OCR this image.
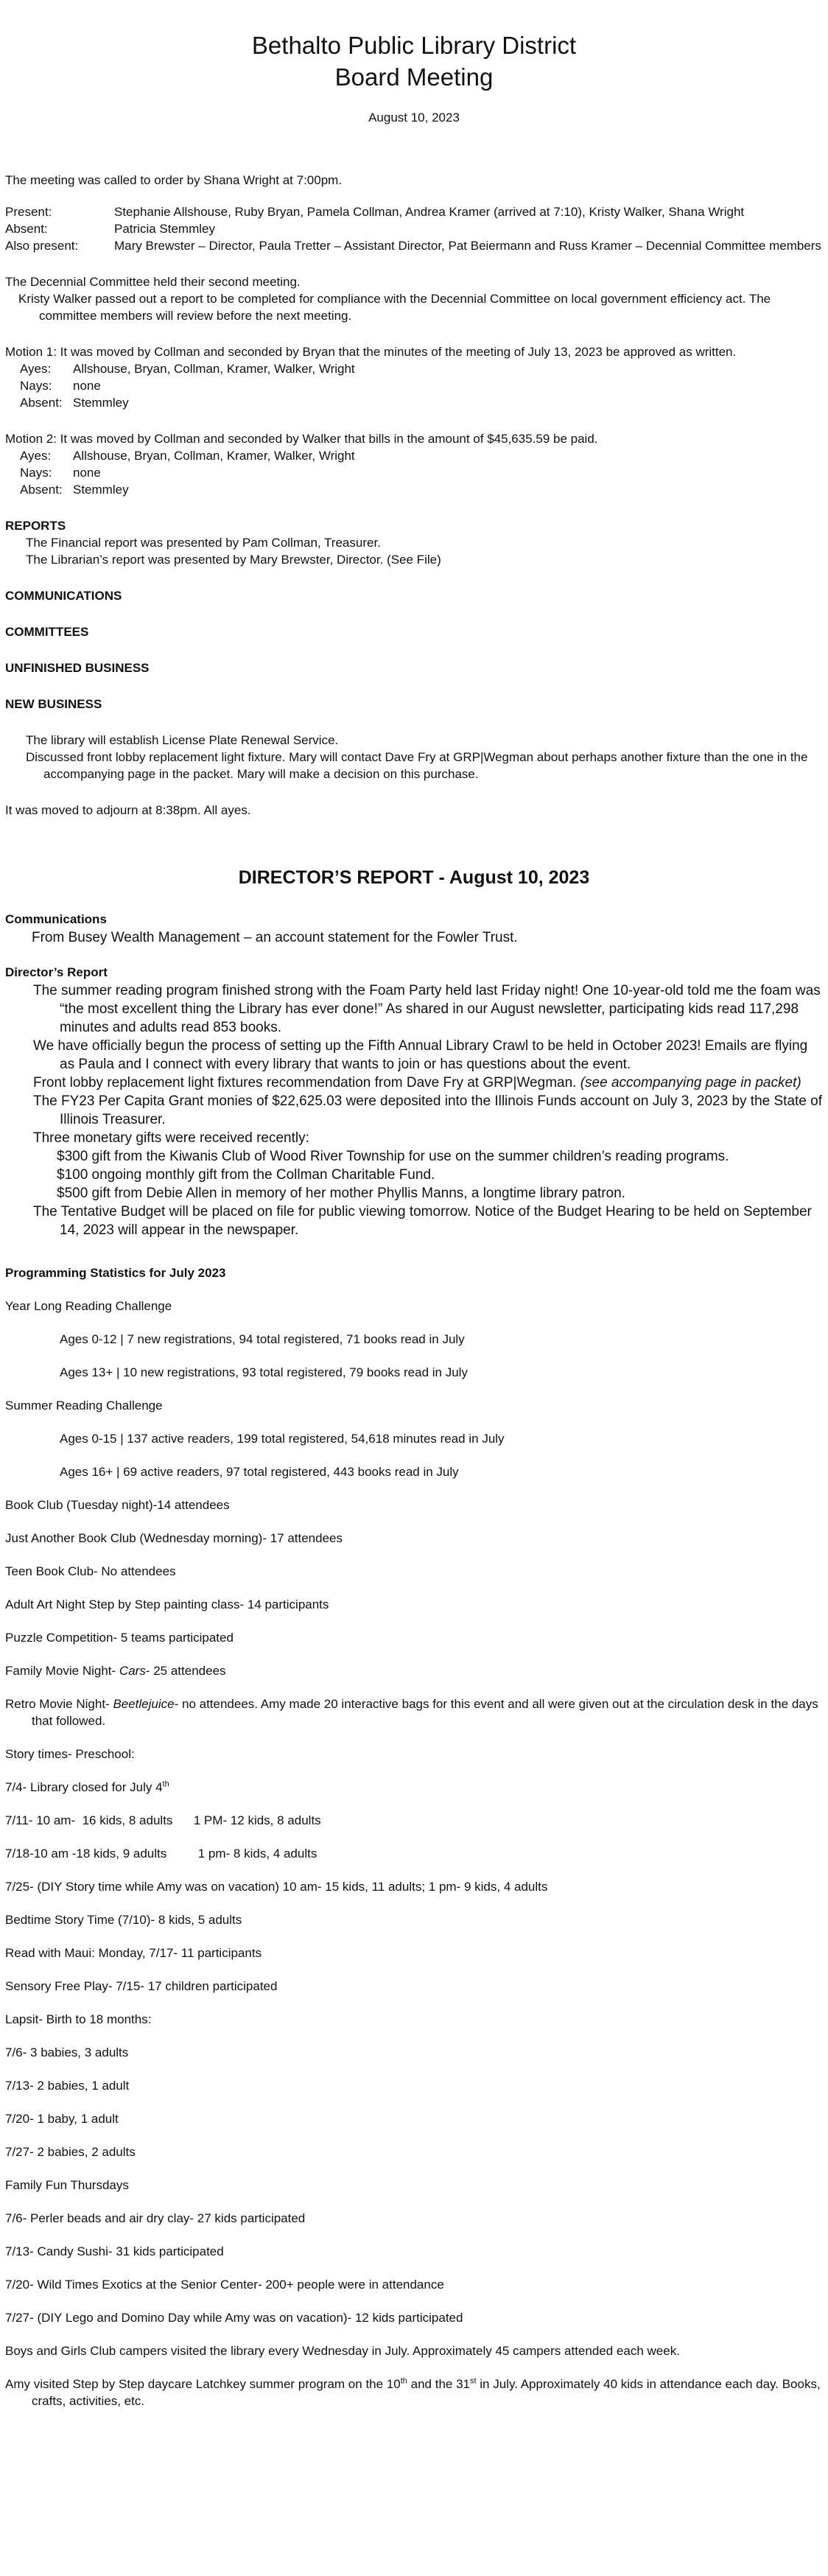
Bethalto Public Library District
Board Meeting
August 10, 2023

The meeting was called to order by Shana Wright at 7:00pm.

Present:	Stephanie Allshouse, Ruby Bryan, Pamela Collman, Andrea Kramer (arrived at 7:10), Kristy Walker, Shana Wright
Absent:	Patricia Stemmley
Also present:	Mary Brewster – Director, Paula Tretter – Assistant Director, Pat Beiermann and Russ Kramer – Decennial Committee members

The Decennial Committee held their second meeting.

Kristy Walker passed out a report to be completed for compliance with the Decennial Committee on local government efficiency act. The committee members will review before the next meeting.

Motion 1: It was moved by Collman and seconded by Bryan that the minutes of the meeting of July 13, 2023 be approved as written.

Ayes:	Allshouse, Bryan, Collman, Kramer, Walker, Wright
Nays:	none
Absent: Stemmley

Motion 2: It was moved by Collman and seconded by Walker that bills in the amount of $45,635.59 be paid.

Ayes:	Allshouse, Bryan, Collman, Kramer, Walker, Wright
Nays:	none
Absent: Stemmley

REPORTS

The Financial report was presented by Pam Collman, Treasurer.

The Librarian’s report was presented by Mary Brewster, Director. (See File)

COMMUNICATIONS

COMMITTEES

UNFINISHED BUSINESS

NEW BUSINESS

The library will establish License Plate Renewal Service.

Discussed front lobby replacement light fixture. Mary will contact Dave Fry at GRP|Wegman about perhaps another fixture than the one in the accompanying page in the packet. Mary will make a decision on this purchase.

It was moved to adjourn at 8:38pm. All ayes.

DIRECTOR’S REPORT - August 10, 2023

Communications

From Busey Wealth Management – an account statement for the Fowler Trust.

Director’s Report

The summer reading program finished strong with the Foam Party held last Friday night! One 10-year-old told me the foam was “the most excellent thing the Library has ever done!” As shared in our August newsletter, participating kids read 117,298 minutes and adults read 853 books.

We have officially begun the process of setting up the Fifth Annual Library Crawl to be held in October 2023! Emails are flying as Paula and I connect with every library that wants to join or has questions about the event.

Front lobby replacement light fixtures recommendation from Dave Fry at GRP|Wegman. (see accompanying page in packet)

The FY23 Per Capita Grant monies of $22,625.03 were deposited into the Illinois Funds account on July 3, 2023 by the State of Illinois Treasurer.

Three monetary gifts were received recently:

$300 gift from the Kiwanis Club of Wood River Township for use on the summer children’s reading programs.

$100 ongoing monthly gift from the Collman Charitable Fund.

$500 gift from Debie Allen in memory of her mother Phyllis Manns, a longtime library patron.

The Tentative Budget will be placed on file for public viewing tomorrow. Notice of the Budget Hearing to be held on September 14, 2023 will appear in the newspaper.

Programming Statistics for July 2023

Year Long Reading Challenge

Ages 0-12 | 7 new registrations, 94 total registered, 71 books read in July

Ages 13+ | 10 new registrations, 93 total registered, 79 books read in July

Summer Reading Challenge

Ages 0-15 | 137 active readers, 199 total registered, 54,618 minutes read in July

Ages 16+ | 69 active readers, 97 total registered, 443 books read in July

Book Club (Tuesday night)-14 attendees

Just Another Book Club (Wednesday morning)- 17 attendees

Teen Book Club- No attendees

Adult Art Night Step by Step painting class- 14 participants

Puzzle Competition- 5 teams participated

Family Movie Night- Cars- 25 attendees

Retro Movie Night- Beetlejuice- no attendees. Amy made 20 interactive bags for this event and all were given out at the circulation desk in the days that followed.

Story times- Preschool:

7/4- Library closed for July 4th

7/11- 10 am-  16 kids, 8 adults      1 PM- 12 kids, 8 adults

7/18-10 am -18 kids, 9 adults         1 pm- 8 kids, 4 adults

7/25- (DIY Story time while Amy was on vacation) 10 am- 15 kids, 11 adults; 1 pm- 9 kids, 4 adults

Bedtime Story Time (7/10)- 8 kids, 5 adults

Read with Maui: Monday, 7/17- 11 participants

Sensory Free Play- 7/15- 17 children participated

Lapsit- Birth to 18 months:

7/6- 3 babies, 3 adults

7/13- 2 babies, 1 adult

7/20- 1 baby, 1 adult

7/27- 2 babies, 2 adults

Family Fun Thursdays

7/6- Perler beads and air dry clay- 27 kids participated

7/13- Candy Sushi- 31 kids participated

7/20- Wild Times Exotics at the Senior Center- 200+ people were in attendance

7/27- (DIY Lego and Domino Day while Amy was on vacation)- 12 kids participated

Boys and Girls Club campers visited the library every Wednesday in July. Approximately 45 campers attended each week.

Amy visited Step by Step daycare Latchkey summer program on the 10th and the 31st in July. Approximately 40 kids in attendance each day. Books, crafts, activities, etc.
